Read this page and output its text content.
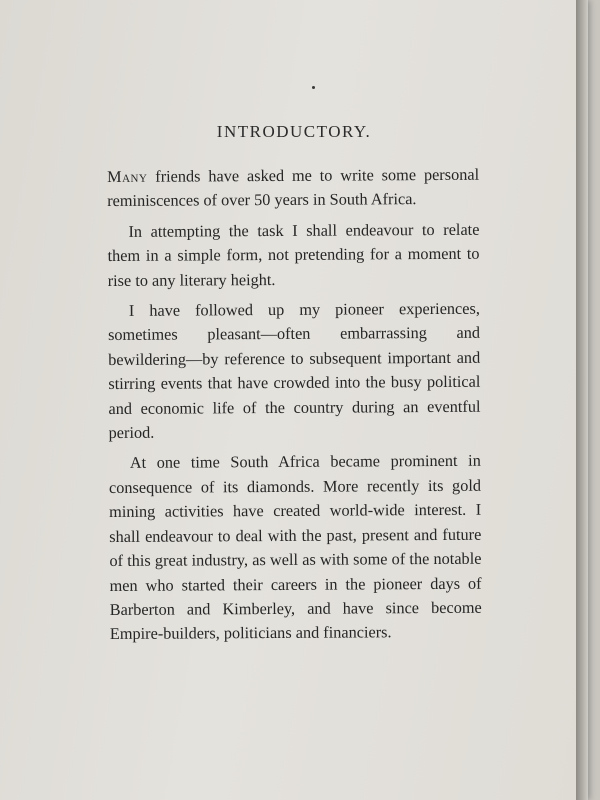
INTRODUCTORY.

Many friends have asked me to write some personal reminiscences of over 50 years in South Africa.

In attempting the task I shall endeavour to relate them in a simple form, not pretending for a moment to rise to any literary height.

I have followed up my pioneer experiences, sometimes pleasant—often embarrassing and bewildering—by reference to subsequent important and stirring events that have crowded into the busy political and economic life of the country during an eventful period.

At one time South Africa became prominent in consequence of its diamonds. More recently its gold mining activities have created world-wide interest. I shall endeavour to deal with the past, present and future of this great industry, as well as with some of the notable men who started their careers in the pioneer days of Barberton and Kimberley, and have since become Empire-builders, politicians and financiers.
